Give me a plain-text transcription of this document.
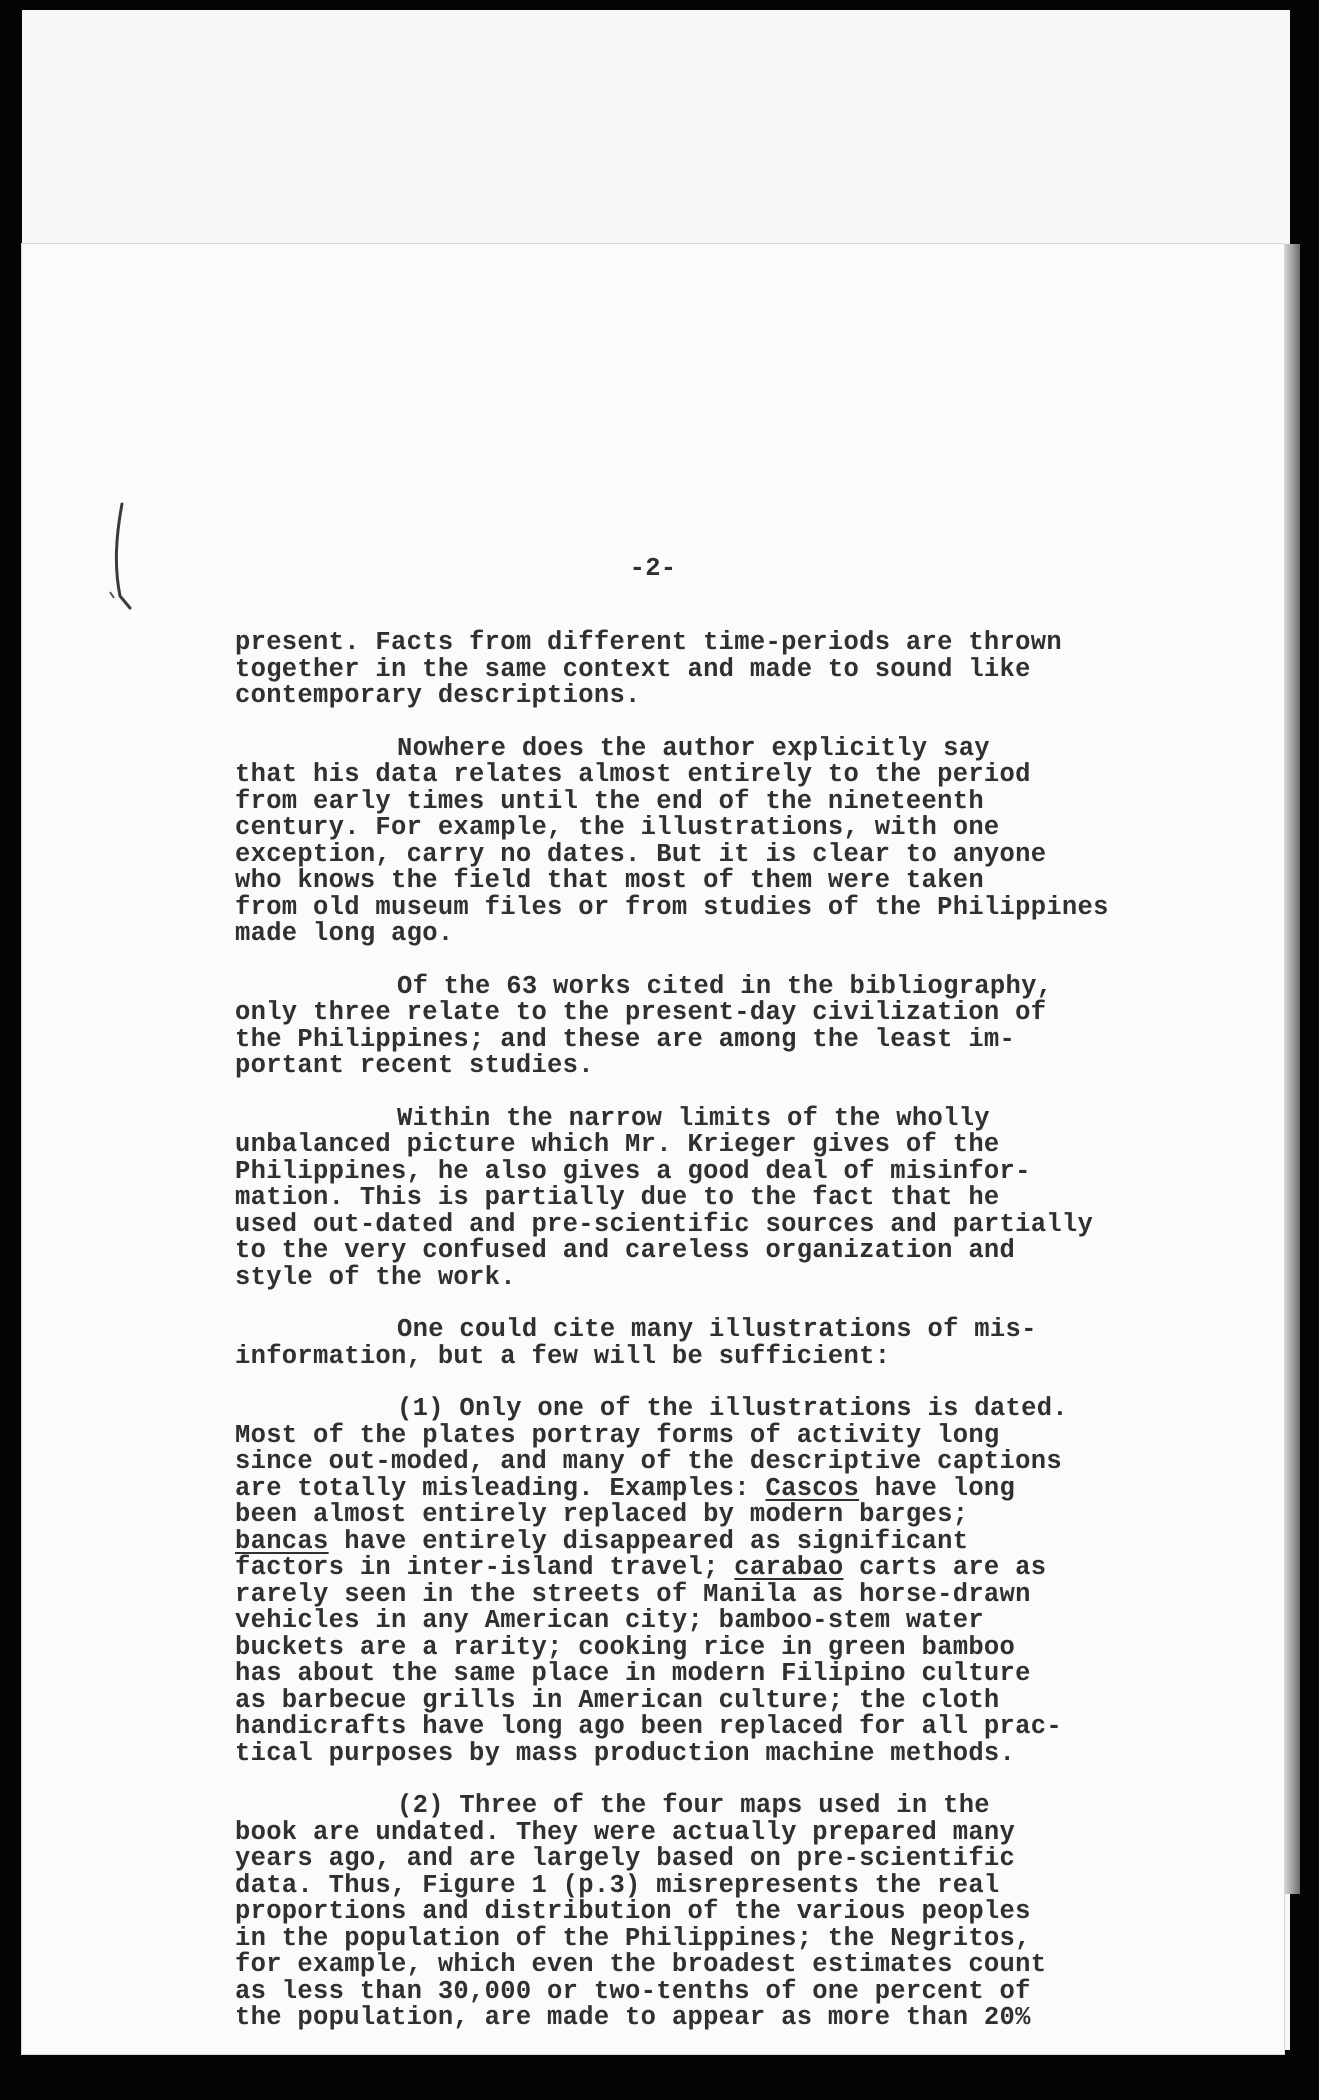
-2-

present. Facts from different time-periods are thrown
together in the same context and made to sound like
contemporary descriptions.

Nowhere does the author explicitly say
that his data relates almost entirely to the period
from early times until the end of the nineteenth
century. For example, the illustrations, with one
exception, carry no dates. But it is clear to anyone
who knows the field that most of them were taken
from old museum files or from studies of the Philippines
made long ago.

Of the 63 works cited in the bibliography,
only three relate to the present-day civilization of
the Philippines; and these are among the least im-
portant recent studies.

Within the narrow limits of the wholly
unbalanced picture which Mr. Krieger gives of the
Philippines, he also gives a good deal of misinfor-
mation. This is partially due to the fact that he
used out-dated and pre-scientific sources and partially
to the very confused and careless organization and
style of the work.

One could cite many illustrations of mis-
information, but a few will be sufficient:

(1) Only one of the illustrations is dated.
Most of the plates portray forms of activity long
since out-moded, and many of the descriptive captions
are totally misleading. Examples: Cascos have long
been almost entirely replaced by modern barges;
bancas have entirely disappeared as significant
factors in inter-island travel; carabao carts are as
rarely seen in the streets of Manila as horse-drawn
vehicles in any American city; bamboo-stem water
buckets are a rarity; cooking rice in green bamboo
has about the same place in modern Filipino culture
as barbecue grills in American culture; the cloth
handicrafts have long ago been replaced for all prac-
tical purposes by mass production machine methods.

(2) Three of the four maps used in the
book are undated. They were actually prepared many
years ago, and are largely based on pre-scientific
data. Thus, Figure 1 (p.3) misrepresents the real
proportions and distribution of the various peoples
in the population of the Philippines; the Negritos,
for example, which even the broadest estimates count
as less than 30,000 or two-tenths of one percent of
the population, are made to appear as more than 20%
